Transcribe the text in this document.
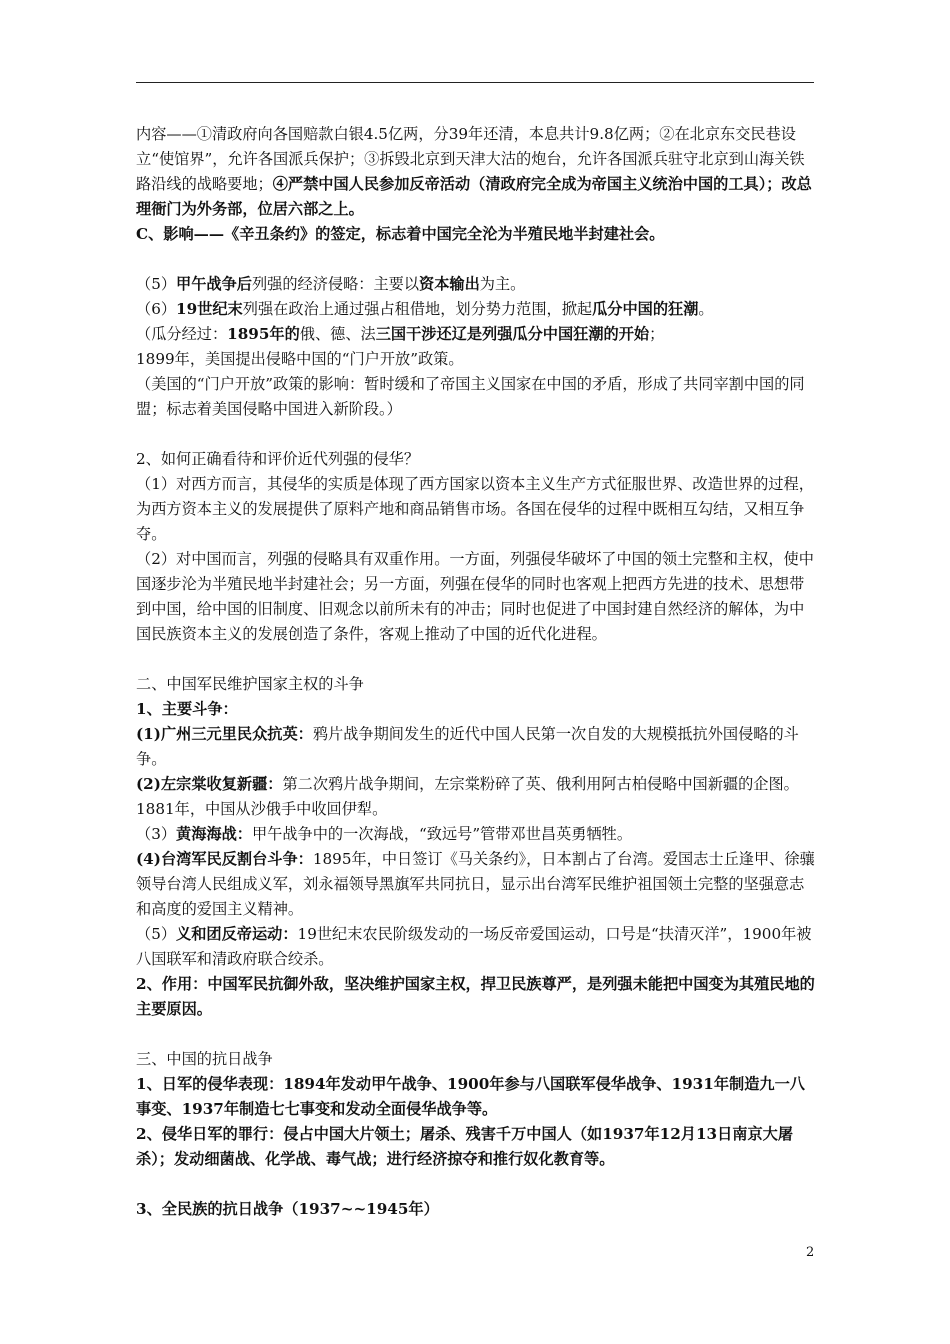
内容——①清政府向各国赔款白银4.5亿两，分39年还清，本息共计9.8亿两；②在北京东交民巷设立“使馆界”，允许各国派兵保护；③拆毁北京到天津大沽的炮台，允许各国派兵驻守北京到山海关铁路沿线的战略要地；④严禁中国人民参加反帝活动（清政府完全成为帝国主义统治中国的工具）；改总理衙门为外务部，位居六部之上。

C、影响——《辛丑条约》的签定，标志着中国完全沦为半殖民地半封建社会。

（5）甲午战争后列强的经济侵略：主要以资本输出为主。

（6）19世纪末列强在政治上通过强占租借地，划分势力范围，掀起瓜分中国的狂潮。

（瓜分经过：1895年的俄、德、法三国干涉还辽是列强瓜分中国狂潮的开始；

1899年，美国提出侵略中国的“门户开放”政策。

（美国的“门户开放”政策的影响：暂时缓和了帝国主义国家在中国的矛盾，形成了共同宰割中国的同盟；标志着美国侵略中国进入新阶段。）

2、如何正确看待和评价近代列强的侵华？

（1）对西方而言，其侵华的实质是体现了西方国家以资本主义生产方式征服世界、改造世界的过程，为西方资本主义的发展提供了原料产地和商品销售市场。各国在侵华的过程中既相互勾结，又相互争夺。

（2）对中国而言，列强的侵略具有双重作用。一方面，列强侵华破坏了中国的领土完整和主权，使中国逐步沦为半殖民地半封建社会；另一方面，列强在侵华的同时也客观上把西方先进的技术、思想带到中国，给中国的旧制度、旧观念以前所未有的冲击；同时也促进了中国封建自然经济的解体，为中国民族资本主义的发展创造了条件，客观上推动了中国的近代化进程。

二、中国军民维护国家主权的斗争

1、主要斗争：

(1)广州三元里民众抗英：鸦片战争期间发生的近代中国人民第一次自发的大规模抵抗外国侵略的斗争。

(2)左宗棠收复新疆：第二次鸦片战争期间，左宗棠粉碎了英、俄利用阿古柏侵略中国新疆的企图。1881年，中国从沙俄手中收回伊犁。

（3）黄海海战：甲午战争中的一次海战，“致远号”管带邓世昌英勇牺牲。

(4)台湾军民反割台斗争：1895年，中日签订《马关条约》，日本割占了台湾。爱国志士丘逢甲、徐骧领导台湾人民组成义军，刘永福领导黑旗军共同抗日，显示出台湾军民维护祖国领土完整的坚强意志和高度的爱国主义精神。

（5）义和团反帝运动：19世纪末农民阶级发动的一场反帝爱国运动，口号是“扶清灭洋”，1900年被八国联军和清政府联合绞杀。

2、作用：中国军民抗御外敌，坚决维护国家主权，捍卫民族尊严，是列强未能把中国变为其殖民地的主要原因。

三、中国的抗日战争

1、日军的侵华表现：1894年发动甲午战争、1900年参与八国联军侵华战争、1931年制造九一八事变、1937年制造七七事变和发动全面侵华战争等。

2、侵华日军的罪行：侵占中国大片领土；屠杀、残害千万中国人（如1937年12月13日南京大屠杀）；发动细菌战、化学战、毒气战；进行经济掠夺和推行奴化教育等。

3、全民族的抗日战争（1937~~1945年）

2
